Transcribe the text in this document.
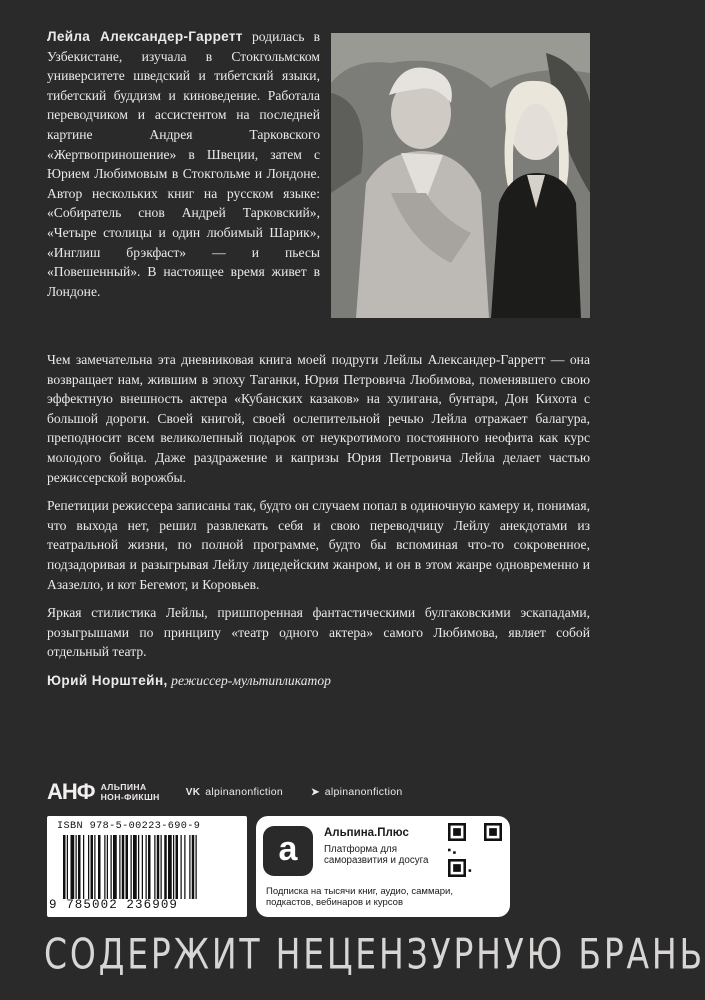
Лейла Александер-Гарретт родилась в Узбекистане, изучала в Стокгольмском университете шведский и тибетский языки, тибетский буддизм и киноведение. Работала переводчиком и ассистентом на последней картине Андрея Тарковского «Жертвоприношение» в Швеции, затем с Юрием Любимовым в Стокгольме и Лондоне. Автор нескольких книг на русском языке: «Собиратель снов Андрей Тарковский», «Четыре столицы и один любимый Шарик», «Инглиш брэкфаст» — и пьесы «Повешенный». В настоящее время живет в Лондоне.

Чем замечательна эта дневниковая книга моей подруги Лейлы Александер-Гарретт — она возвращает нам, жившим в эпоху Таганки, Юрия Петровича Любимова, поменявшего свою эффектную внешность актера «Кубанских казаков» на хулигана, бунтаря, Дон Кихота с большой дороги. Своей книгой, своей ослепительной речью Лейла отражает балагура, преподносит всем великолепный подарок от неукротимого постоянного неофита как курс молодого бойца. Даже раздражение и капризы Юрия Петровича Лейла делает частью режиссерской ворожбы.

Репетиции режиссера записаны так, будто он случаем попал в одиночную камеру и, понимая, что выхода нет, решил развлекать себя и свою переводчицу Лейлу анекдотами из театральной жизни, по полной программе, будто бы вспоминая что-то сокровенное, подзадоривая и разыгрывая Лейлу лицедейским жанром, и он в этом жанре одновременно и Азазелло, и кот Бегемот, и Коровьев.

Яркая стилистика Лейлы, пришпоренная фантастическими булгаковскими эскападами, розыгрышами по принципу «театр одного актера» самого Любимова, являет собой отдельный театр.

Юрий Норштейн, режиссер-мультипликатор
АНФ АЛЬПИНА
НОН-ФИКШН	VK alpinanonfiction	➤ alpinanonfiction
ISBN 978-5-00223-690-9
9 785002 236909
a	Альпина.Плюс
Платформа для саморазвития и досуга
Подписка на тысячи книг, аудио, саммари, подкастов, вебинаров и курсов
СОДЕРЖИТ НЕЦЕНЗУРНУЮ БРАНЬ
